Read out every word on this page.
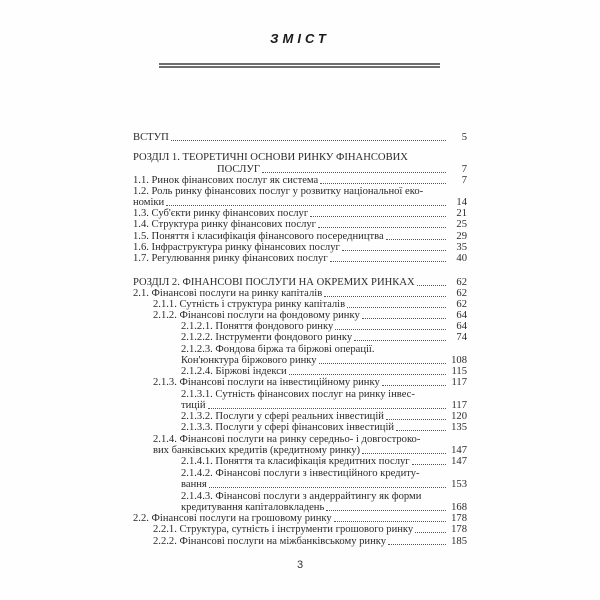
ЗМІСТ
ВСТУП	5
РОЗДІЛ 1. ТЕОРЕТИЧНІ ОСНОВИ РИНКУ ФІНАНСОВИХ
ПОСЛУГ	7
1.1. Ринок фінансових послуг як система	7
1.2. Роль ринку фінансових послуг у розвитку національної еко-
номіки	14
1.3. Суб'єкти ринку фінансових послуг	21
1.4. Структура ринку фінансових послуг	25
1.5. Поняття і класифікація фінансового посередництва	29
1.6. Інфраструктура ринку фінансових послуг	35
1.7. Регулювання ринку фінансових послуг	40
РОЗДІЛ 2. ФІНАНСОВІ ПОСЛУГИ НА ОКРЕМИХ РИНКАХ	62
2.1. Фінансові послуги на ринку капіталів	62
2.1.1. Сутність і структура ринку капіталів	62
2.1.2. Фінансові послуги на фондовому ринку	64
2.1.2.1. Поняття фондового ринку	64
2.1.2.2. Інструменти фондового ринку	74
2.1.2.3. Фондова біржа та біржові операції.
Кон'юнктура біржового ринку	108
2.1.2.4. Біржові індекси	115
2.1.3. Фінансові послуги на інвестиційному ринку	117
2.1.3.1. Сутність фінансових послуг на ринку інвес-
тицій	117
2.1.3.2. Послуги у сфері реальних інвестицій	120
2.1.3.3. Послуги у сфері фінансових інвестицій	135
2.1.4. Фінансові послуги на ринку середньо- і довгостроко-
вих банківських кредитів (кредитному ринку)	147
2.1.4.1. Поняття та класифікація кредитних послуг	147
2.1.4.2. Фінансові послуги з інвестиційного кредиту-
вання	153
2.1.4.3. Фінансові послуги з андеррайтингу як форми
кредитування капіталовкладень	168
2.2. Фінансові послуги на грошовому ринку	178
2.2.1. Структура, сутність і інструменти грошового ринку	178
2.2.2. Фінансові послуги на міжбанківському ринку	185
3
